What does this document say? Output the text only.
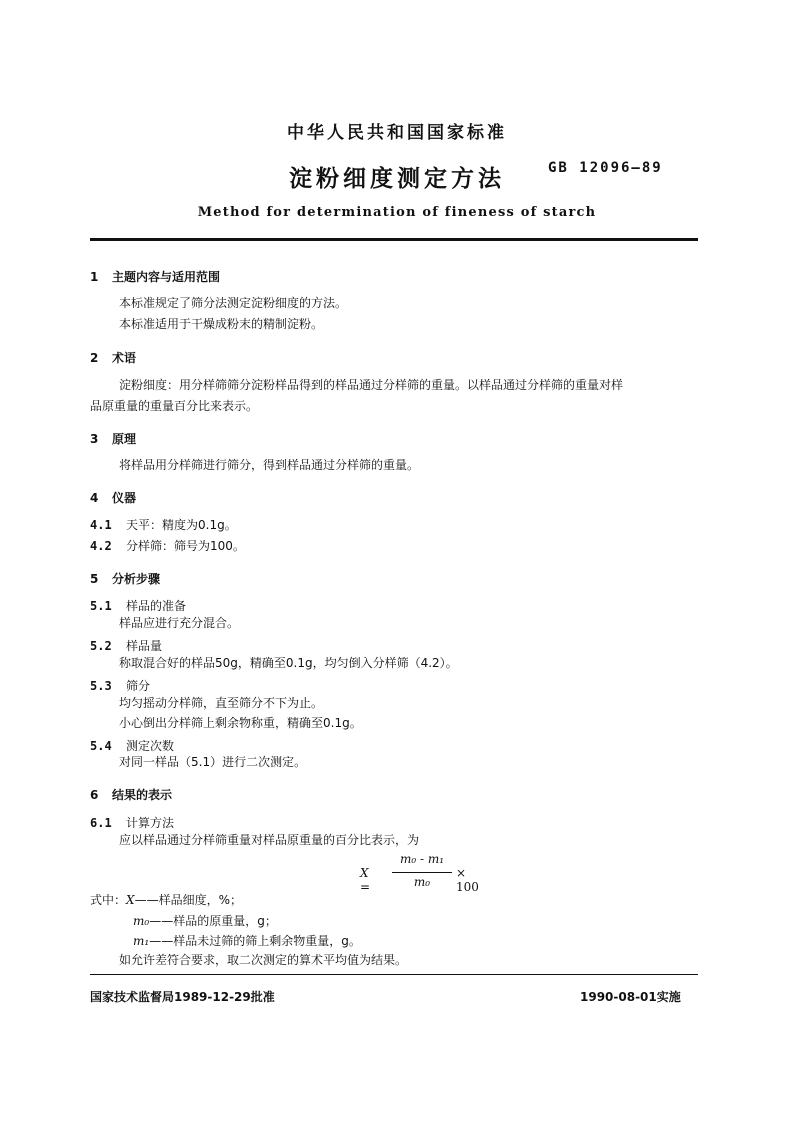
中华人民共和国国家标准
淀粉细度测定方法	GB 12096—89
Method for determination of fineness of starch
1 主题内容与适用范围
本标准规定了筛分法测定淀粉细度的方法。
本标准适用于干燥成粉末的精制淀粉。
2 术语
淀粉细度：用分样筛筛分淀粉样品得到的样品通过分样筛的重量。以样品通过分样筛的重量对样
品原重量的重量百分比来表示。
3 原理
将样品用分样筛进行筛分，得到样品通过分样筛的重量。
4 仪器
4.1 天平：精度为0.1g。
4.2 分样筛：筛号为100。
5 分析步骤
5.1 样品的准备
样品应进行充分混合。
5.2 样品量
称取混合好的样品50g，精确至0.1g，均匀倒入分样筛（4.2）。
5.3 筛分
均匀摇动分样筛，直至筛分不下为止。
小心倒出分样筛上剩余物称重，精确至0.1g。
5.4 测定次数
对同一样品（5.1）进行二次测定。
6 结果的表示
6.1 计算方法
应以样品通过分样筛重量对样品原重量的百分比表示，为
X =
m₀ - m₁
m₀
× 100
式中：X——样品细度，%；
m₀——样品的原重量，g；
m₁——样品未过筛的筛上剩余物重量，g。
如允许差符合要求，取二次测定的算术平均值为结果。
国家技术监督局1989-12-29批准	1990-08-01实施
